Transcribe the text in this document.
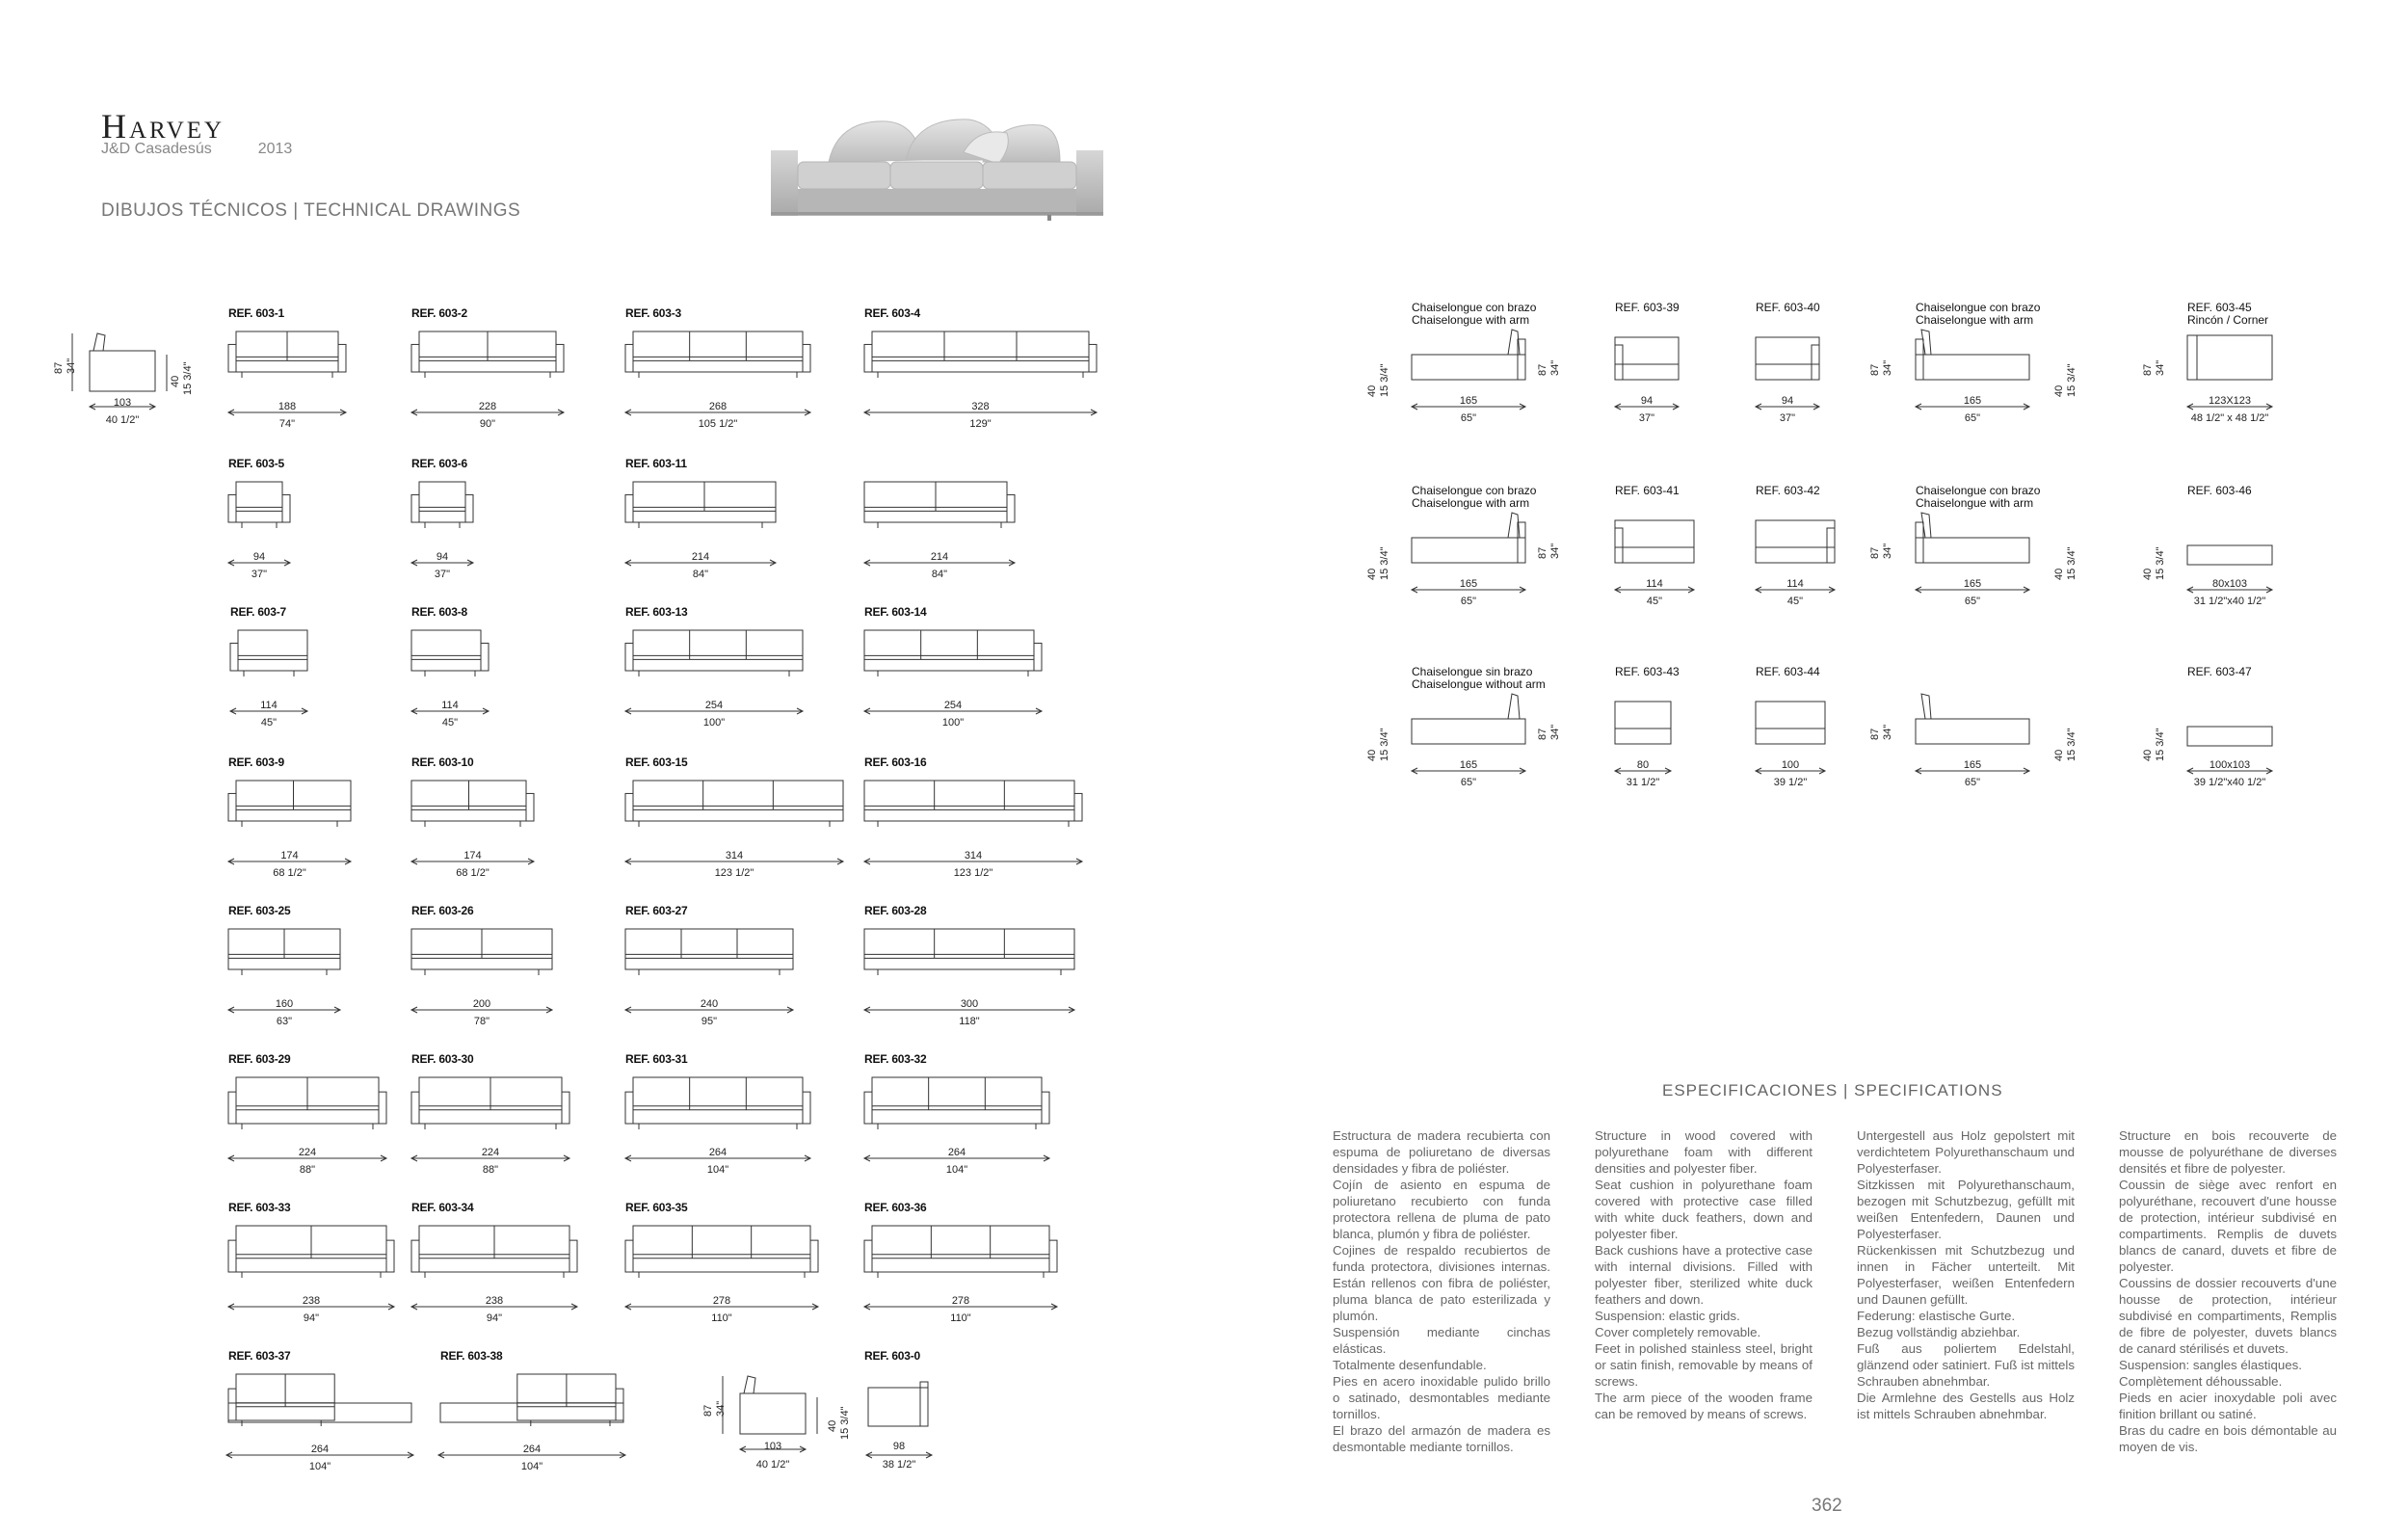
Harvey
J&D Casadesús	2013
DIBUJOS TÉCNICOS | TECHNICAL DRAWINGS
REF. 603-1
188
74"
REF. 603-2
228
90"
REF. 603-3
268
105 1/2"
REF. 603-4
328
129"
REF. 603-5
94
37"
REF. 603-6
94
37"
REF. 603-11
214
84"
214
84"
REF. 603-7
114
45"
REF. 603-8
114
45"
REF. 603-13
254
100"
REF. 603-14
254
100"
REF. 603-9
174
68 1/2"
REF. 603-10
174
68 1/2"
REF. 603-15
314
123 1/2"
REF. 603-16
314
123 1/2"
REF. 603-25
160
63"
REF. 603-26
200
78"
REF. 603-27
240
95"
REF. 603-28
300
118"
REF. 603-29
224
88"
REF. 603-30
224
88"
REF. 603-31
264
104"
REF. 603-32
264
104"
REF. 603-33
238
94"
REF. 603-34
238
94"
REF. 603-35
278
110"
REF. 603-36
278
110"
REF. 603-37
264
104"
REF. 603-38
264
104"
87 34"
40 15 3/4"
103
40 1/2"
87 34"
103
40 1/2"
REF. 603-0
40 15 3/4"
98
38 1/2"
Chaiselongue con brazo
Chaiselongue with arm
165
65"
REF. 603-39
94
37"
REF. 603-40
94
37"
Chaiselongue con brazo
Chaiselongue with arm
165
65"
REF. 603-45
Rincón / Corner
123X123
48 1/2" x 48 1/2"
Chaiselongue con brazo
Chaiselongue with arm
165
65"
REF. 603-41
114
45"
REF. 603-42
114
45"
Chaiselongue con brazo
Chaiselongue with arm
165
65"
REF. 603-46
80x103
31 1/2"x40 1/2"
Chaiselongue sin brazo
Chaiselongue without arm
165
65"
REF. 603-43
80
31 1/2"
REF. 603-44
100
39 1/2"
165
65"
REF. 603-47
100x103
39 1/2"x40 1/2"
40 15 3/4"	87 34"	87 34"
40 15 3/4"	87 34"
40 15 3/4"	87 34"	87 34"
40 15 3/4"	40 15 3/4"
40 15 3/4"	87 34"	87 34"
40 15 3/4"	40 15 3/4"
ESPECIFICACIONES | SPECIFICATIONS

Estructura de madera recubierta con espuma de poliuretano de diversas densidades y fibra de poliéster.

Cojín de asiento en espuma de poliuretano recubierto con funda protectora rellena de pluma de pato blanca, plumón y fibra de poliéster.

Cojines de respaldo recubiertos de funda protectora, divisiones internas. Están rellenos con fibra de poliéster, pluma blanca de pato esterilizada y plumón.

Suspensión mediante cinchas elásticas.

Totalmente desenfundable.

Pies en acero inoxidable pulido brillo o satinado, desmontables mediante tornillos.

El brazo del armazón de madera es desmontable mediante tornillos.

Structure in wood covered with polyurethane foam with different densities and polyester fiber.

Seat cushion in polyurethane foam covered with protective case filled with white duck feathers, down and polyester fiber.

Back cushions have a protective case with internal divisions. Filled with polyester fiber, sterilized white duck feathers and down.

Suspension: elastic grids.

Cover completely removable.

Feet in polished stainless steel, bright or satin finish, removable by means of screws.

The arm piece of the wooden frame can be removed by means of screws.

Untergestell aus Holz gepolstert mit verdichtetem Polyurethanschaum und Polyesterfaser.

Sitzkissen mit Polyurethanschaum, bezogen mit Schutzbezug, gefüllt mit weißen Entenfedern, Daunen und Polyesterfaser.

Rückenkissen mit Schutzbezug und innen in Fächer unterteilt. Mit Polyesterfaser, weißen Entenfedern und Daunen gefüllt.

Federung: elastische Gurte.

Bezug vollständig abziehbar.

Fuß aus poliertem Edelstahl, glänzend oder satiniert. Fuß ist mittels Schrauben abnehmbar.

Die Armlehne des Gestells aus Holz ist mittels Schrauben abnehmbar.

Structure en bois recouverte de mousse de polyuréthane de diverses densités et fibre de polyester.

Coussin de siège avec renfort en polyuréthane, recouvert d'une housse de protection, intérieur subdivisé en compartiments. Remplis de duvets blancs de canard, duvets et fibre de polyester.

Coussins de dossier recouverts d'une housse de protection, intérieur subdivisé en compartiments, Remplis de fibre de polyester, duvets blancs de canard stérilisés et duvets.

Suspension: sangles élastiques.

Complètement déhoussable.

Pieds en acier inoxydable poli avec finition brillant ou satiné.

Bras du cadre en bois démontable au moyen de vis.

362
